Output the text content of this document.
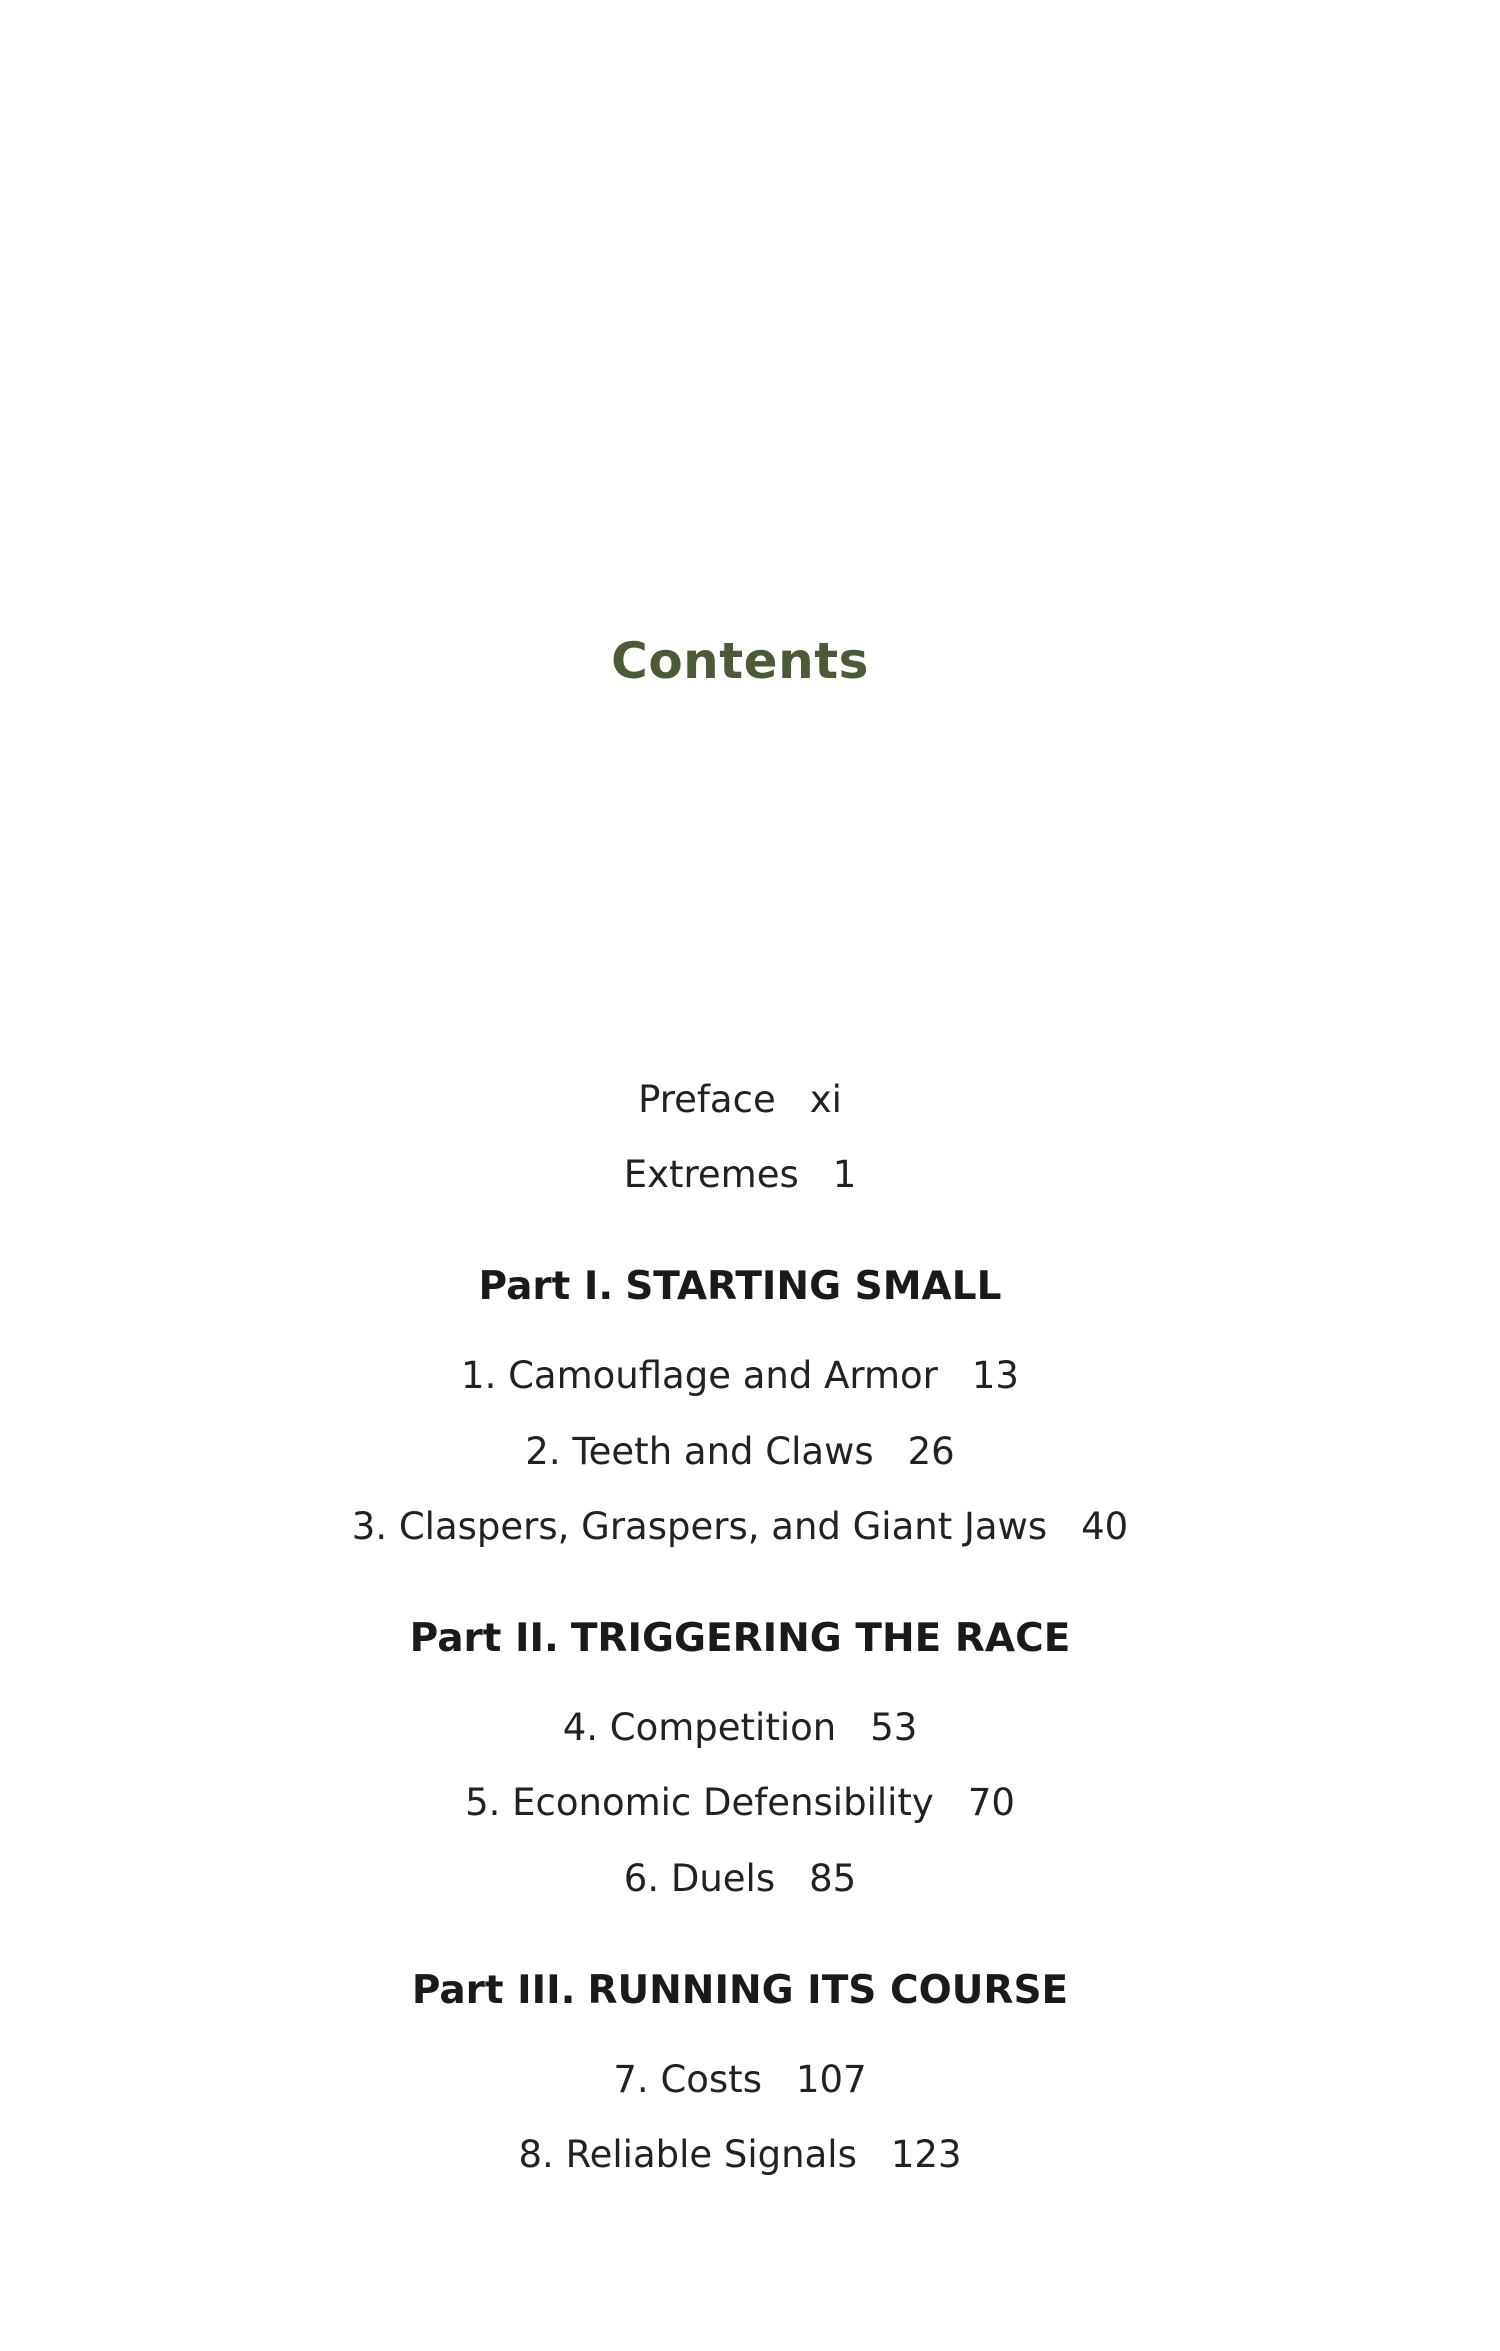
Contents
Preface xi
Extremes 1
Part I. STARTING SMALL
1. Camouflage and Armor 13
2. Teeth and Claws 26
3. Claspers, Graspers, and Giant Jaws 40
Part II. TRIGGERING THE RACE
4. Competition 53
5. Economic Defensibility 70
6. Duels 85
Part III. RUNNING ITS COURSE
7. Costs 107
8. Reliable Signals 123
